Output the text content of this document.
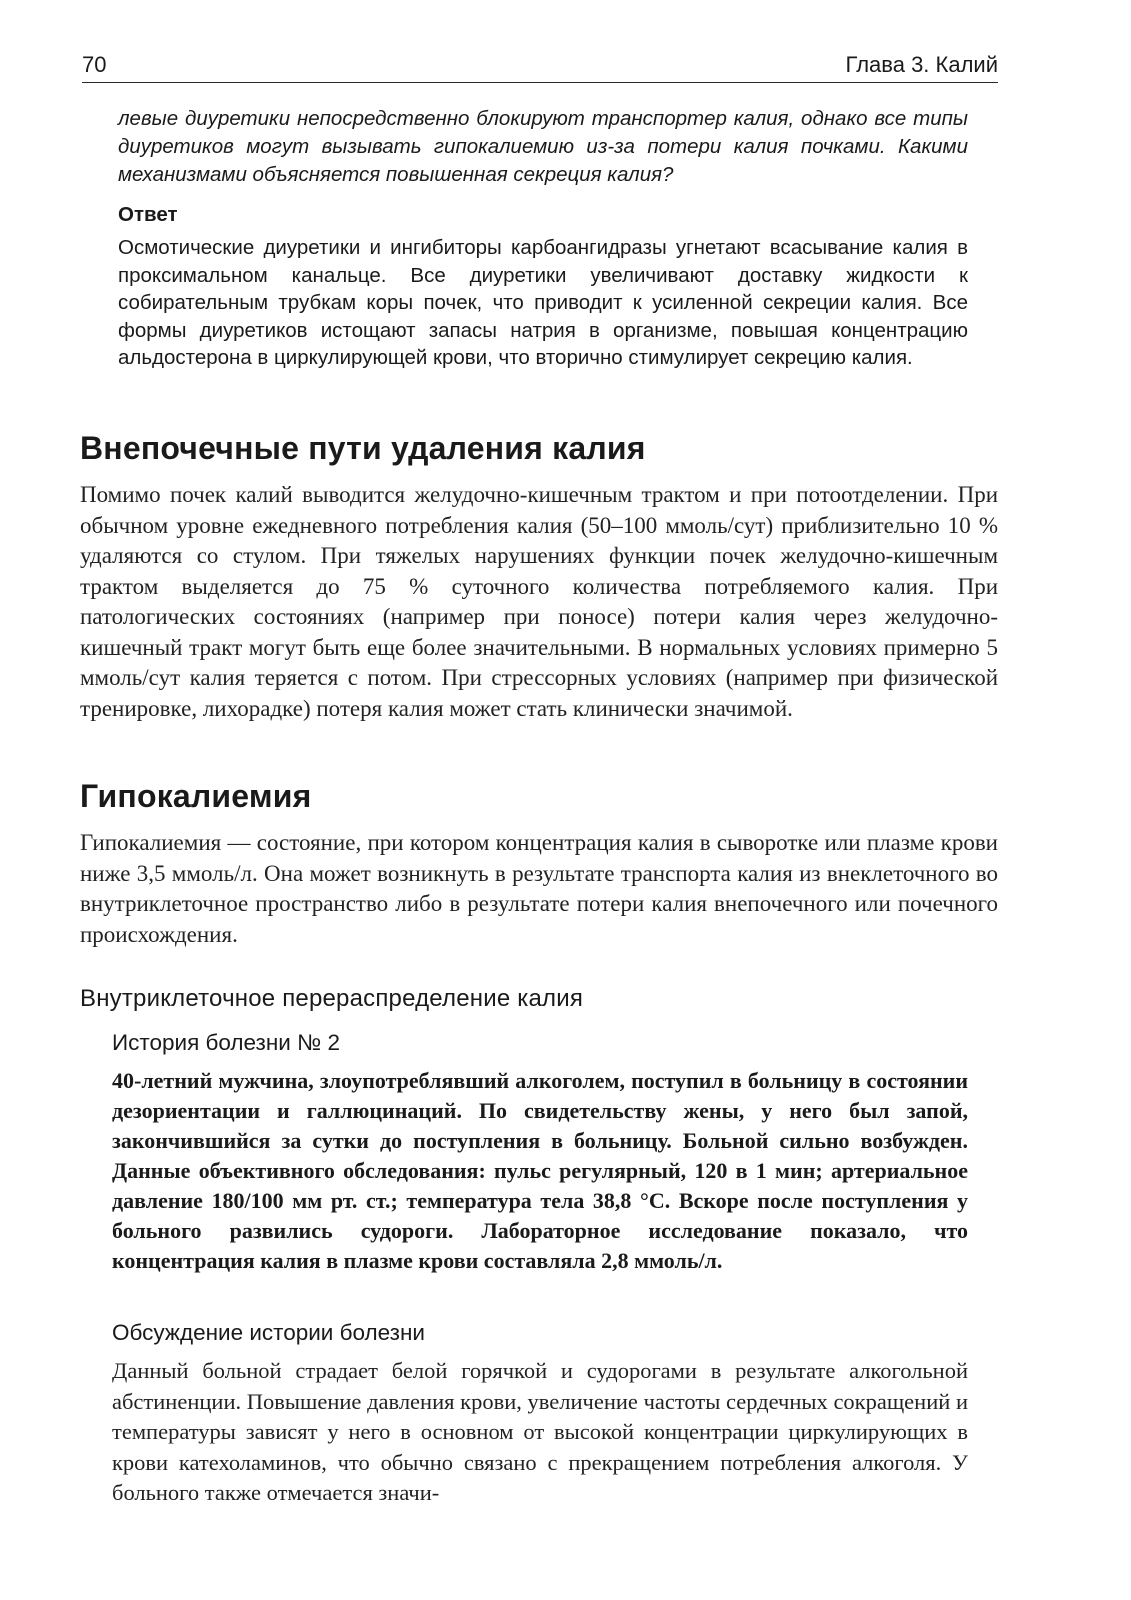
70	Глава 3. Калий

левые диуретики непосредственно блокируют транспортер калия, однако все типы диуретиков могут вызывать гипокалиемию из-за потери калия почками. Какими механизмами объясняется повышенная секреция калия?

Ответ

Осмотические диуретики и ингибиторы карбоангидразы угнетают всасывание калия в проксимальном канальце. Все диуретики увеличивают доставку жидкости к собирательным трубкам коры почек, что приводит к усиленной секреции калия. Все формы диуретиков истощают запасы натрия в организме, повышая концентрацию альдостерона в циркулирующей крови, что вторично стимулирует секрецию калия.

Внепочечные пути удаления калия

Помимо почек калий выводится желудочно-кишечным трактом и при потоотделении. При обычном уровне ежедневного потребления калия (50–100 ммоль/сут) приблизительно 10 % удаляются со стулом. При тяжелых нарушениях функции почек желудочно-кишечным трактом выделяется до 75 % суточного количества потребляемого калия. При патологических состояниях (например при поносе) потери калия через желудочно-кишечный тракт могут быть еще более значительными. В нормальных условиях примерно 5 ммоль/сут калия теряется с потом. При стрессорных условиях (например при физической тренировке, лихорадке) потеря калия может стать клинически значимой.

Гипокалиемия

Гипокалиемия — состояние, при котором концентрация калия в сыворотке или плазме крови ниже 3,5 ммоль/л. Она может возникнуть в результате транспорта калия из внеклеточного во внутриклеточное пространство либо в результате потери калия внепочечного или почечного происхождения.

Внутриклеточное перераспределение калия
История болезни № 2

40-летний мужчина, злоупотреблявший алкоголем, поступил в больницу в состоянии дезориентации и галлюцинаций. По свидетельству жены, у него был запой, закончившийся за сутки до поступления в больницу. Больной сильно возбужден. Данные объективного обследования: пульс регулярный, 120 в 1 мин; артериальное давление 180/100 мм рт. ст.; температура тела 38,8 °С. Вскоре после поступления у больного развились судороги. Лабораторное исследование показало, что концентрация калия в плазме крови составляла 2,8 ммоль/л.

Обсуждение истории болезни

Данный больной страдает белой горячкой и судорогами в результате алкогольной абстиненции. Повышение давления крови, увеличение частоты сердечных сокращений и температуры зависят у него в основном от высокой концентрации циркулирующих в крови катехоламинов, что обычно связано с прекращением потребления алкоголя. У больного также отмечается значи-
